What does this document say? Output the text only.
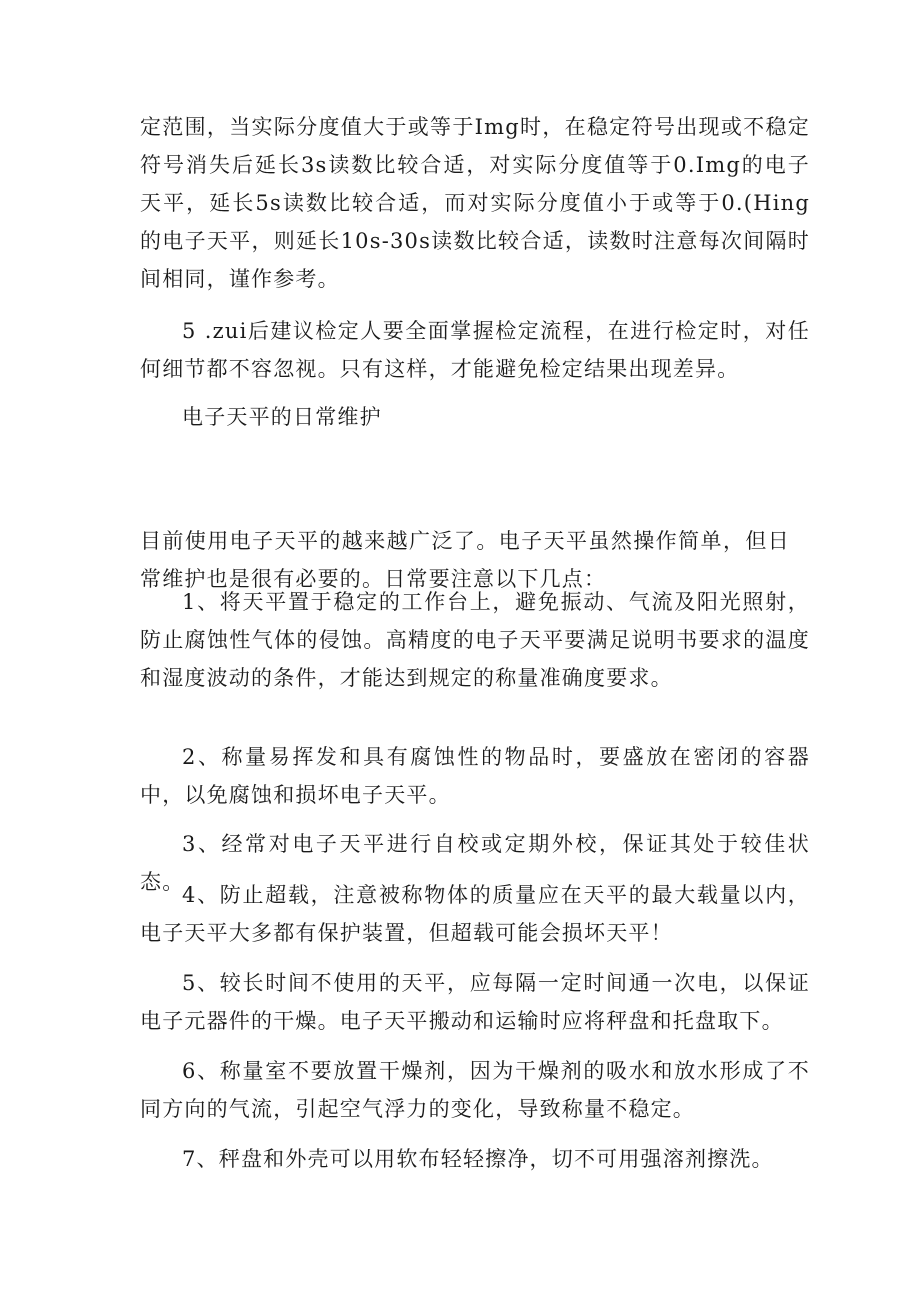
定范围，当实际分度值大于或等于Img时，在稳定符号出现或不稳定符号消失后延长3s读数比较合适，对实际分度值等于0.Img的电子天平，延长5s读数比较合适，而对实际分度值小于或等于0.(Hing的电子天平，则延长10s-30s读数比较合适，读数时注意每次间隔时间相同，谨作参考。

5 .zui后建议检定人要全面掌握检定流程，在进行检定时，对任何细节都不容忽视。只有这样，才能避免检定结果出现差异。

电子天平的日常维护

目前使用电子天平的越来越广泛了。电子天平虽然操作简单，但日常维护也是很有必要的。日常要注意以下几点：

1、将天平置于稳定的工作台上，避免振动、气流及阳光照射，防止腐蚀性气体的侵蚀。高精度的电子天平要满足说明书要求的温度和湿度波动的条件，才能达到规定的称量准确度要求。

2、称量易挥发和具有腐蚀性的物品时，要盛放在密闭的容器中，以免腐蚀和损坏电子天平。

3、经常对电子天平进行自校或定期外校，保证其处于较佳状态。

4、防止超载，注意被称物体的质量应在天平的最大载量以内，电子天平大多都有保护装置，但超载可能会损坏天平！

5、较长时间不使用的天平，应每隔一定时间通一次电，以保证电子元器件的干燥。电子天平搬动和运输时应将秤盘和托盘取下。

6、称量室不要放置干燥剂，因为干燥剂的吸水和放水形成了不同方向的气流，引起空气浮力的变化，导致称量不稳定。

7、秤盘和外壳可以用软布轻轻擦净，切不可用强溶剂擦洗。
